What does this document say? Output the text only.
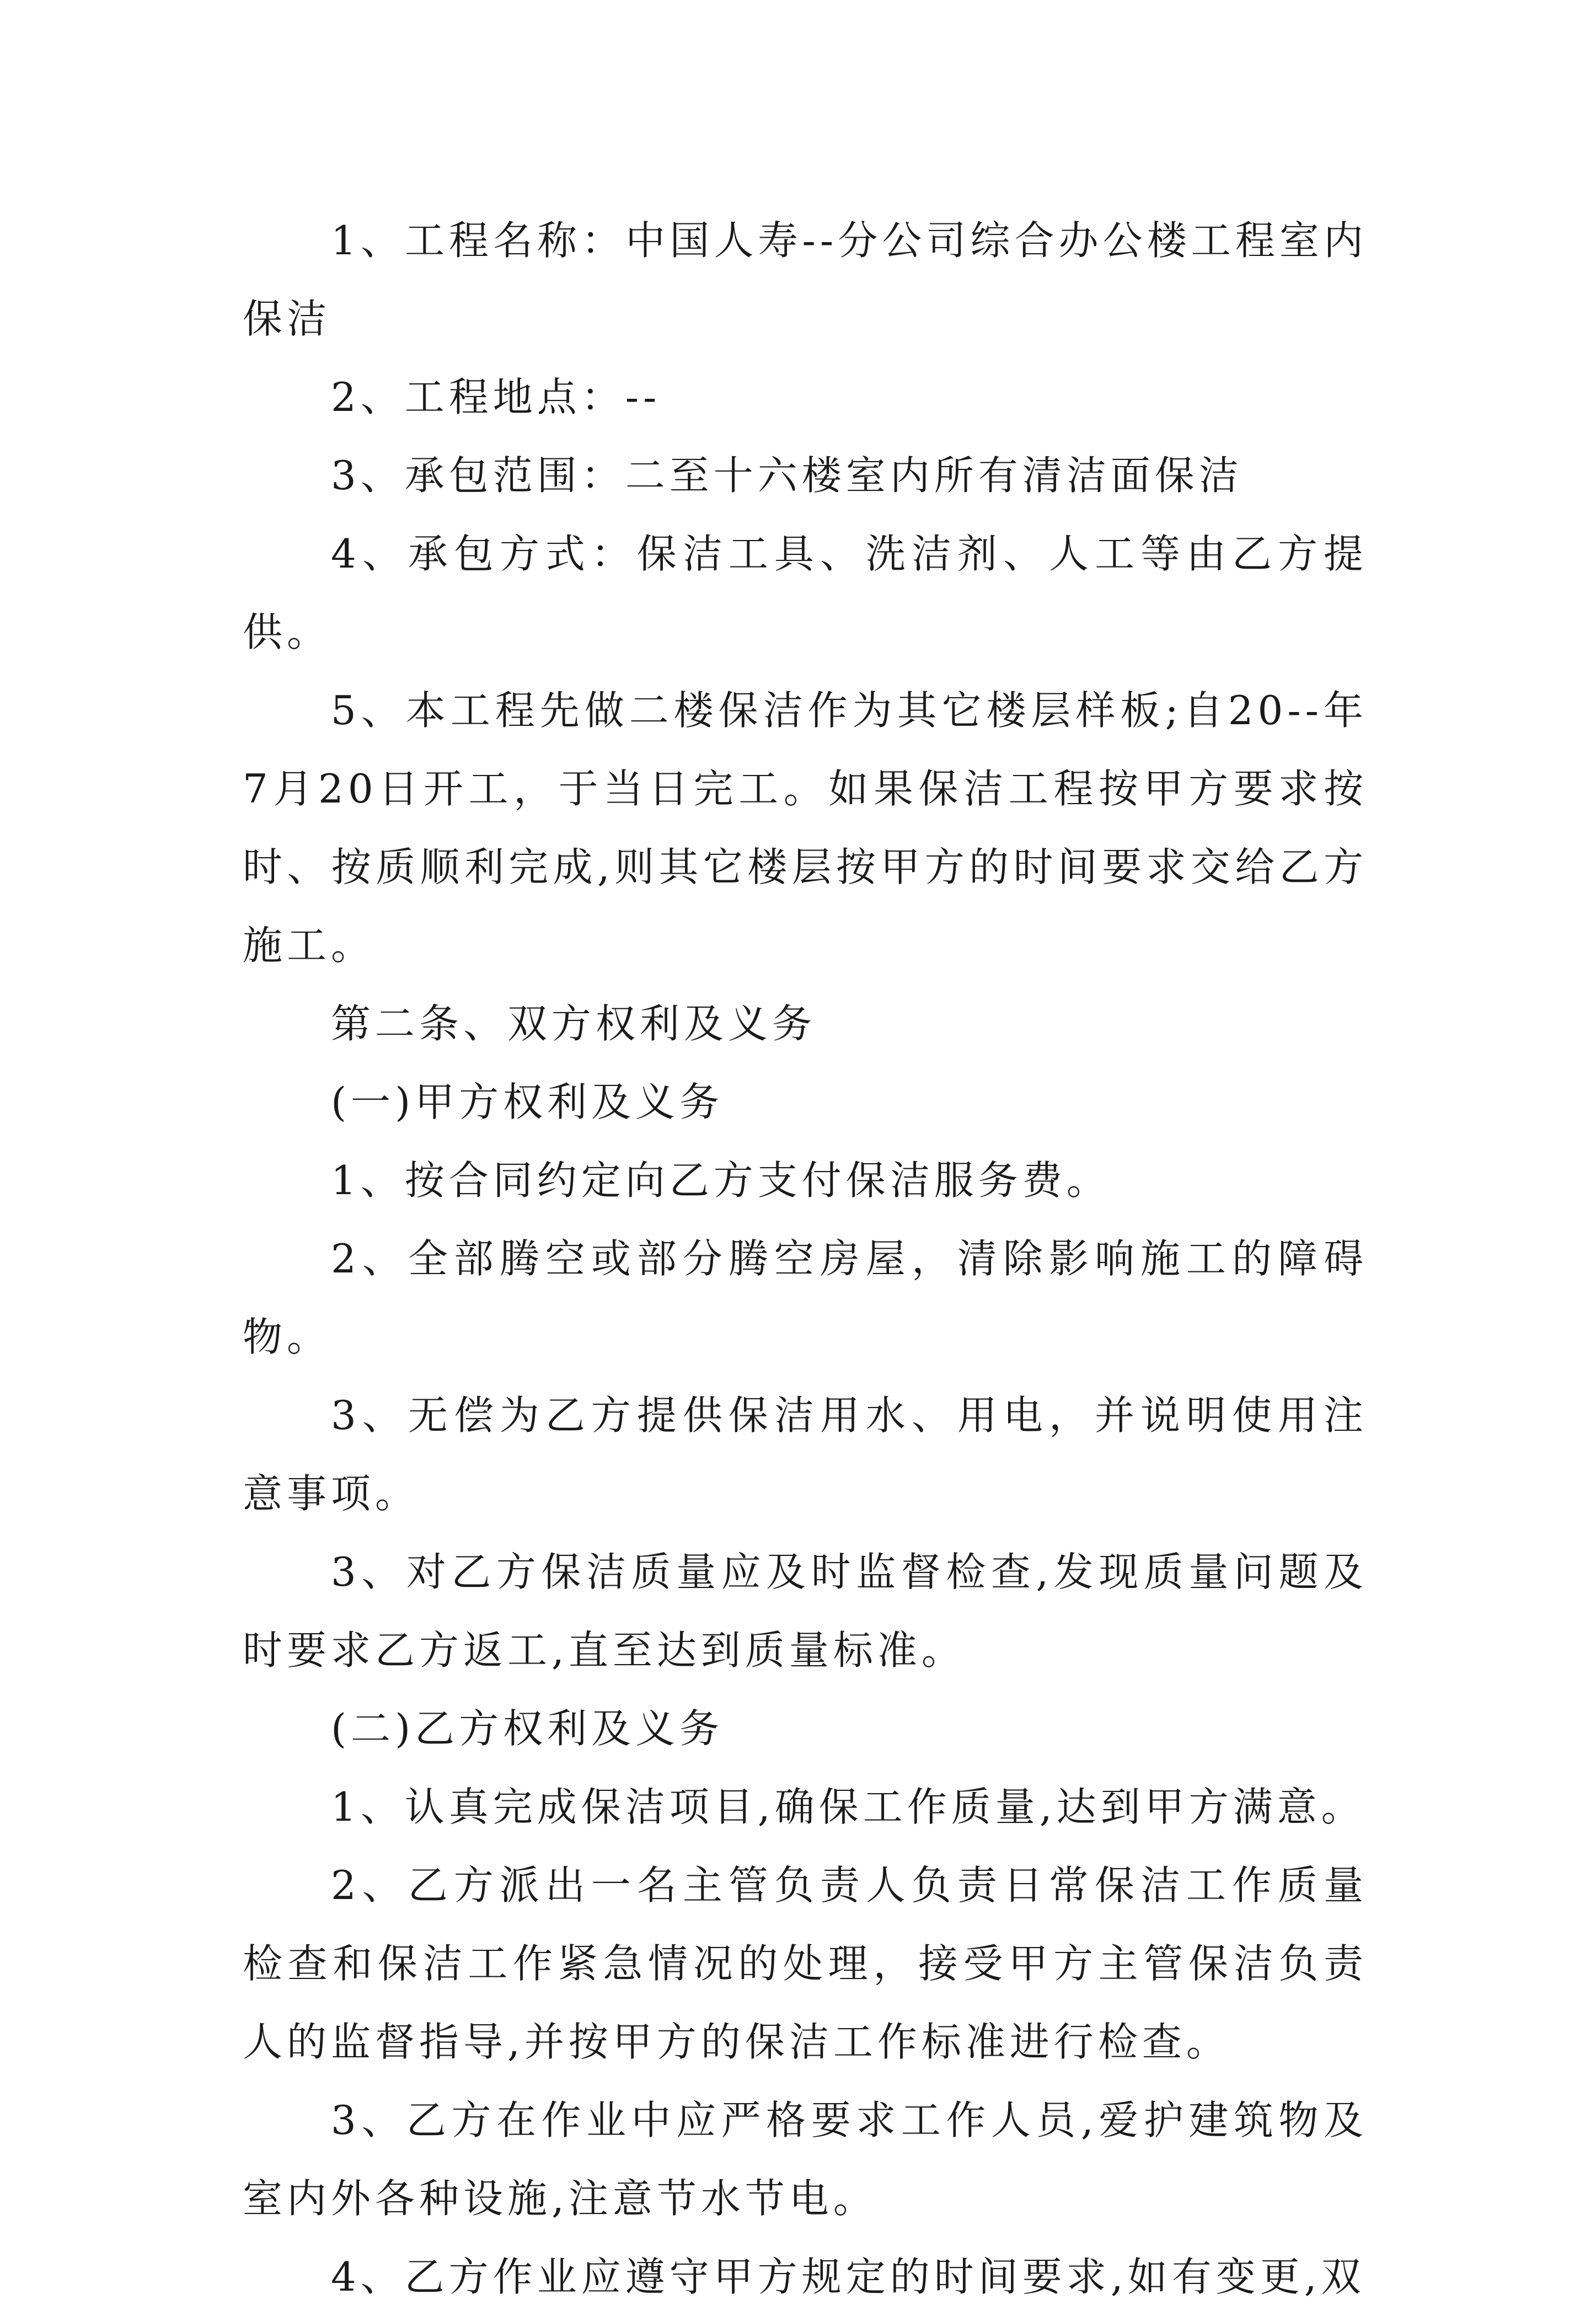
1、工程名称：中国人寿--分公司综合办公楼工程室内保洁

2、工程地点：--

3、承包范围：二至十六楼室内所有清洁面保洁

4、承包方式：保洁工具、洗洁剂、人工等由乙方提供。

5、本工程先做二楼保洁作为其它楼层样板;自20--年7月20日开工，于当日完工。如果保洁工程按甲方要求按时、按质顺利完成,则其它楼层按甲方的时间要求交给乙方施工。

第二条、双方权利及义务

(一)甲方权利及义务

1、按合同约定向乙方支付保洁服务费。

2、全部腾空或部分腾空房屋，清除影响施工的障碍物。

3、无偿为乙方提供保洁用水、用电，并说明使用注意事项。

3、对乙方保洁质量应及时监督检查,发现质量问题及时要求乙方返工,直至达到质量标准。

(二)乙方权利及义务

1、认真完成保洁项目,确保工作质量,达到甲方满意。

2、乙方派出一名主管负责人负责日常保洁工作质量检查和保洁工作紧急情况的处理，接受甲方主管保洁负责人的监督指导,并按甲方的保洁工作标准进行检查。

3、乙方在作业中应严格要求工作人员,爱护建筑物及室内外各种设施,注意节水节电。

4、乙方作业应遵守甲方规定的时间要求,如有变更,双
